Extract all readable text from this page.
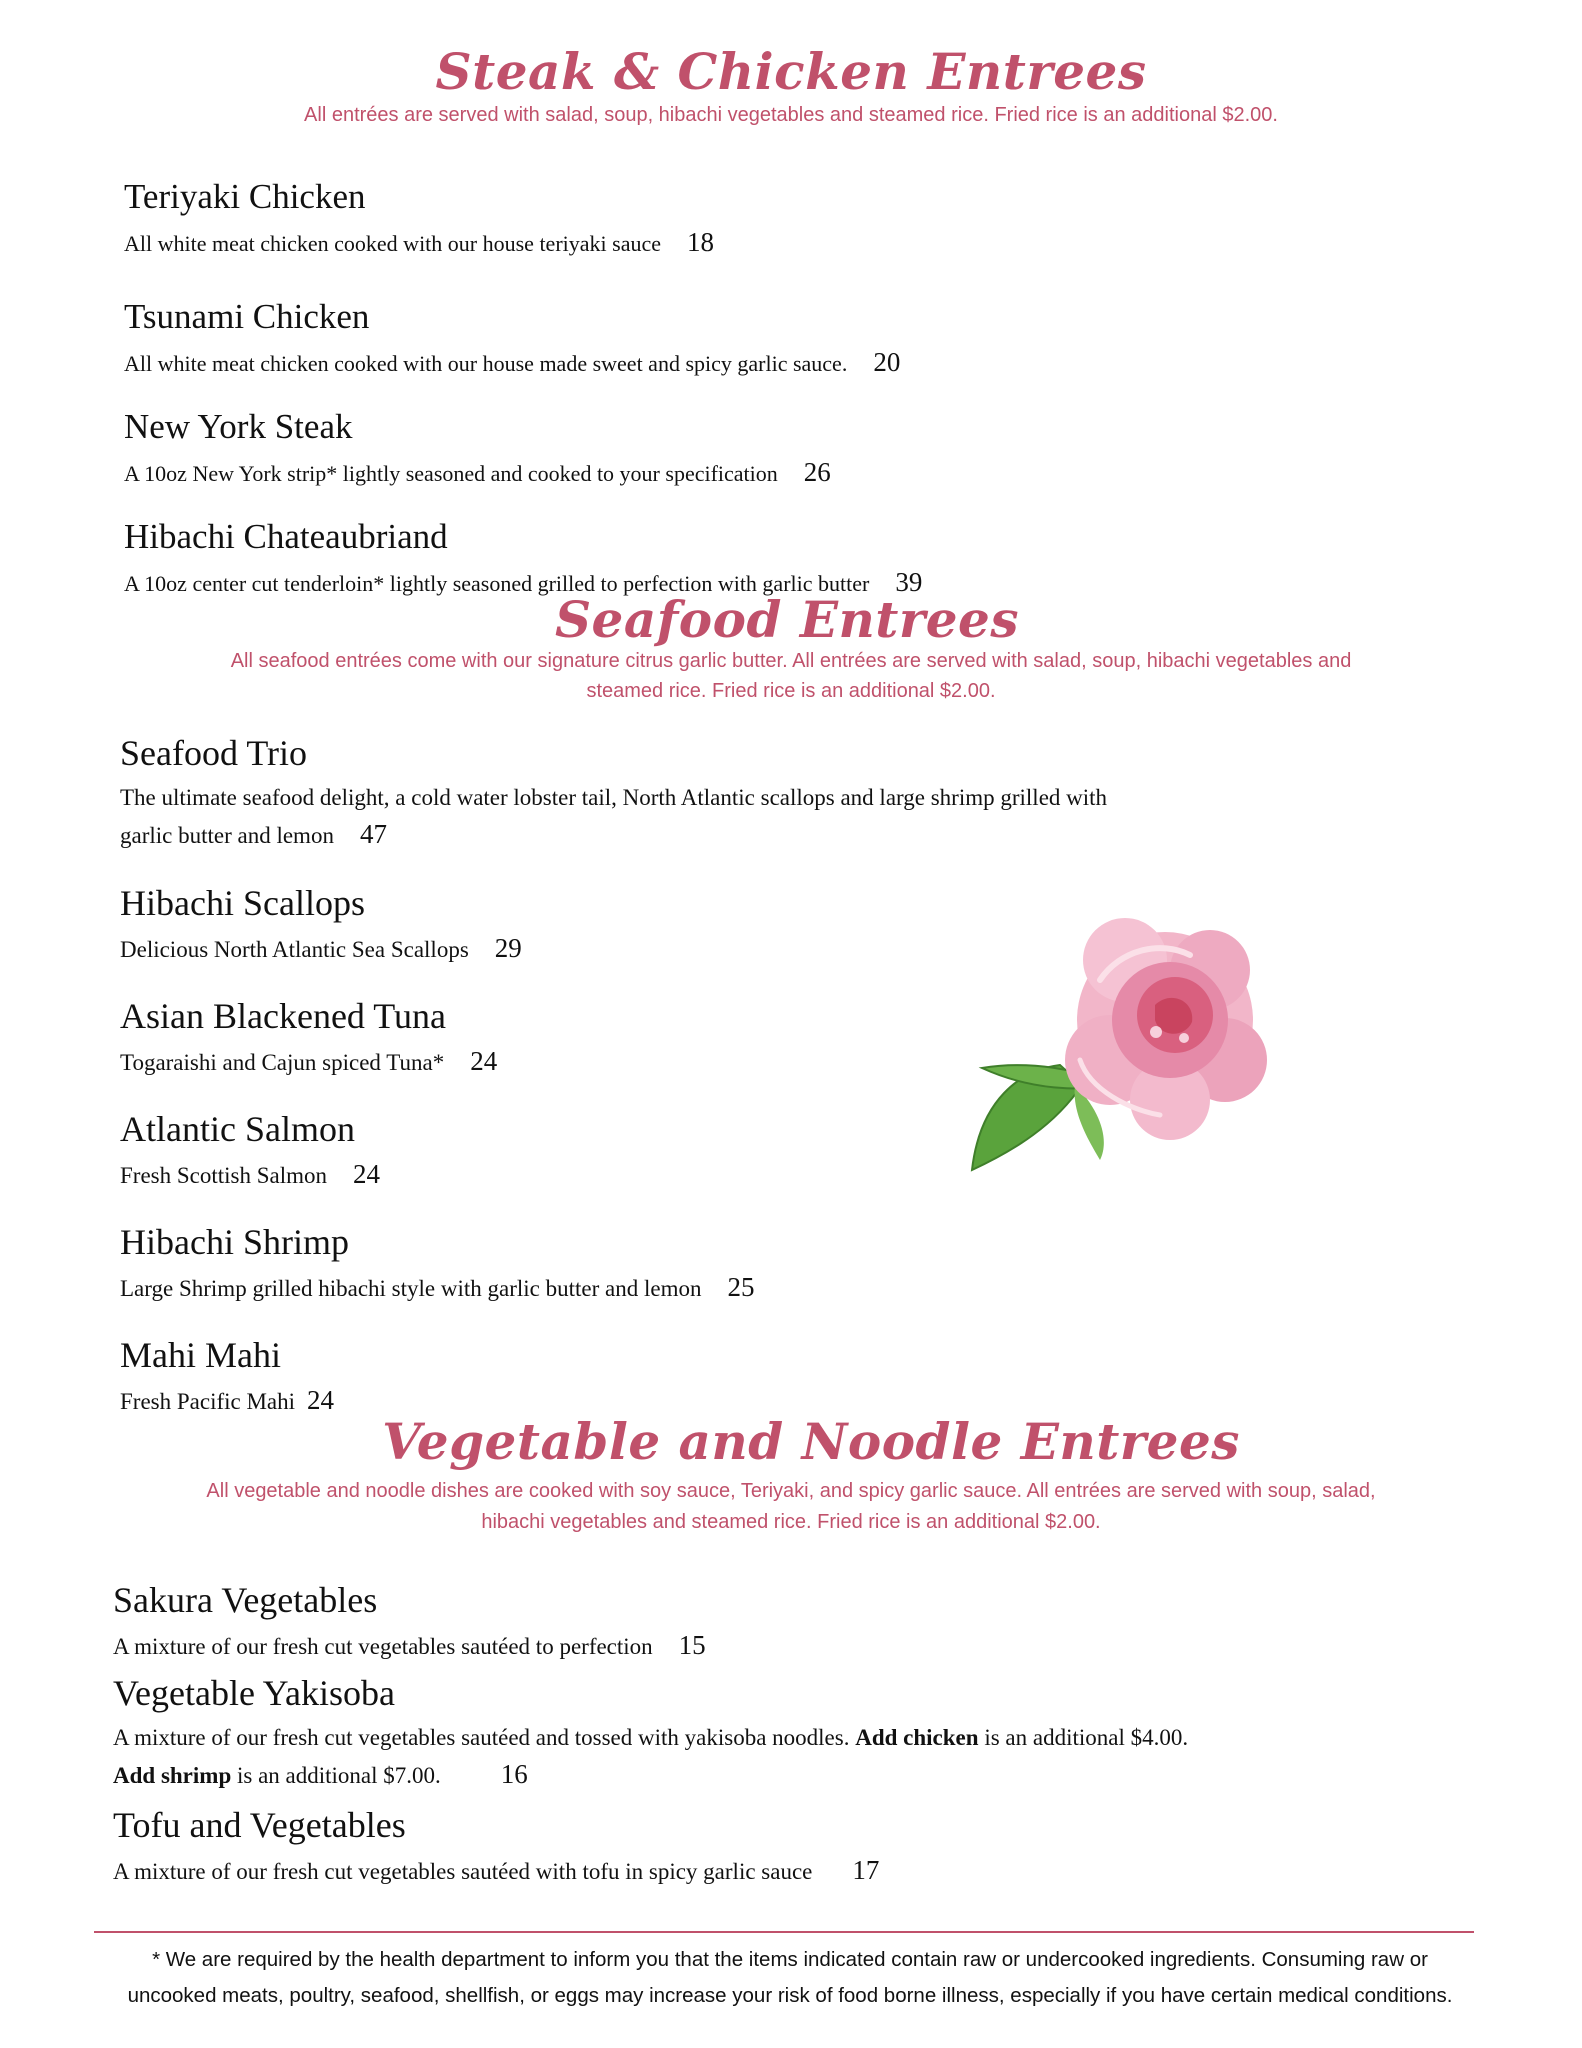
Steak & Chicken Entrees

All entrées are served with salad, soup, hibachi vegetables and steamed rice. Fried rice is an additional $2.00.

Teriyaki Chicken
All white meat chicken cooked with our house teriyaki sauce 18
Tsunami Chicken
All white meat chicken cooked with our house made sweet and spicy garlic sauce. 20
New York Steak
A 10oz New York strip* lightly seasoned and cooked to your specification 26
Hibachi Chateaubriand
A 10oz center cut tenderloin* lightly seasoned grilled to perfection with garlic butter 39
Seafood Entrees

All seafood entrées come with our signature citrus garlic butter. All entrées are served with salad, soup, hibachi vegetables and
steamed rice. Fried rice is an additional $2.00.

Seafood Trio
The ultimate seafood delight, a cold water lobster tail, North Atlantic scallops and large shrimp grilled with
garlic butter and lemon 47
Hibachi Scallops
Delicious North Atlantic Sea Scallops 29
Asian Blackened Tuna
Togaraishi and Cajun spiced Tuna* 24
Atlantic Salmon
Fresh Scottish Salmon 24
Hibachi Shrimp
Large Shrimp grilled hibachi style with garlic butter and lemon 25
Mahi Mahi
Fresh Pacific Mahi 24
Vegetable and Noodle Entrees

All vegetable and noodle dishes are cooked with soy sauce, Teriyaki, and spicy garlic sauce. All entrées are served with soup, salad,
hibachi vegetables and steamed rice. Fried rice is an additional $2.00.

Sakura Vegetables
A mixture of our fresh cut vegetables sautéed to perfection 15
Vegetable Yakisoba
A mixture of our fresh cut vegetables sautéed and tossed with yakisoba noodles. Add chicken is an additional $4.00.
Add shrimp is an additional $7.00. 16
Tofu and Vegetables
A mixture of our fresh cut vegetables sautéed with tofu in spicy garlic sauce 17

* We are required by the health department to inform you that the items indicated contain raw or undercooked ingredients. Consuming raw or
uncooked meats, poultry, seafood, shellfish, or eggs may increase your risk of food borne illness, especially if you have certain medical conditions.
